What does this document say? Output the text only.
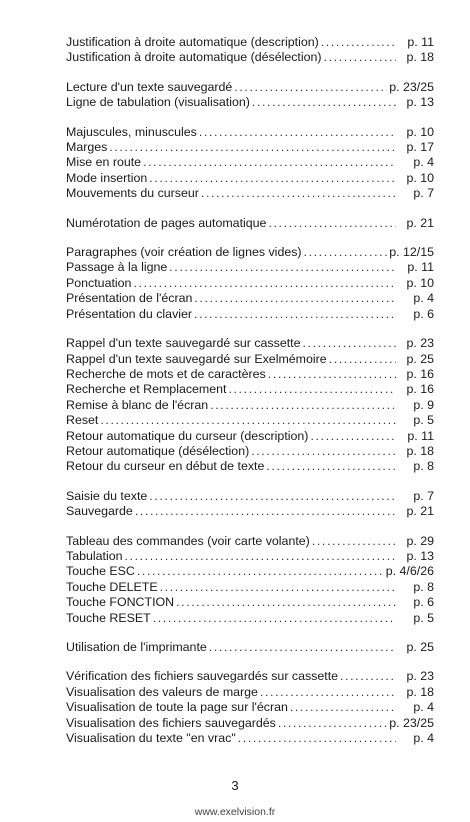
Justification à droite automatique (description) .....	p. 11
Justification à droite automatique (désélection) .....	p. 18
Lecture d'un texte sauvegardé .....	p. 23/25
Ligne de tabulation (visualisation) .....	p. 13
Majuscules, minuscules .....	p. 10
Marges .....	p. 17
Mise en route .....	p. 4
Mode insertion .....	p. 10
Mouvements du curseur .....	p. 7
Numérotation de pages automatique .....	p. 21
Paragraphes (voir création de lignes vides) .....	p. 12/15
Passage à la ligne .....	p. 11
Ponctuation .....	p. 10
Présentation de l'écran .....	p. 4
Présentation du clavier .....	p. 6
Rappel d'un texte sauvegardé sur cassette .....	p. 23
Rappel d'un texte sauvegardé sur Exelmémoire .....	p. 25
Recherche de mots et de caractères .....	p. 16
Recherche et Remplacement .....	p. 16
Remise à blanc de l'écran .....	p. 9
Reset .....	p. 5
Retour automatique du curseur (description) .....	p. 11
Retour automatique (désélection) .....	p. 18
Retour du curseur en début de texte .....	p. 8
Saisie du texte .....	p. 7
Sauvegarde .....	p. 21
Tableau des commandes (voir carte volante) .....	p. 29
Tabulation .....	p. 13
Touche ESC .....	p. 4/6/26
Touche DELETE .....	p. 8
Touche FONCTION .....	p. 6
Touche RESET .....	p. 5
Utilisation de l'imprimante .....	p. 25
Vérification des fichiers sauvegardés sur cassette .....	p. 23
Visualisation des valeurs de marge .....	p. 18
Visualisation de toute la page sur l'écran .....	p. 4
Visualisation des fichiers sauvegardés .....	p. 23/25
Visualisation du texte "en vrac" .....	p. 4
3
www.exelvision.fr
